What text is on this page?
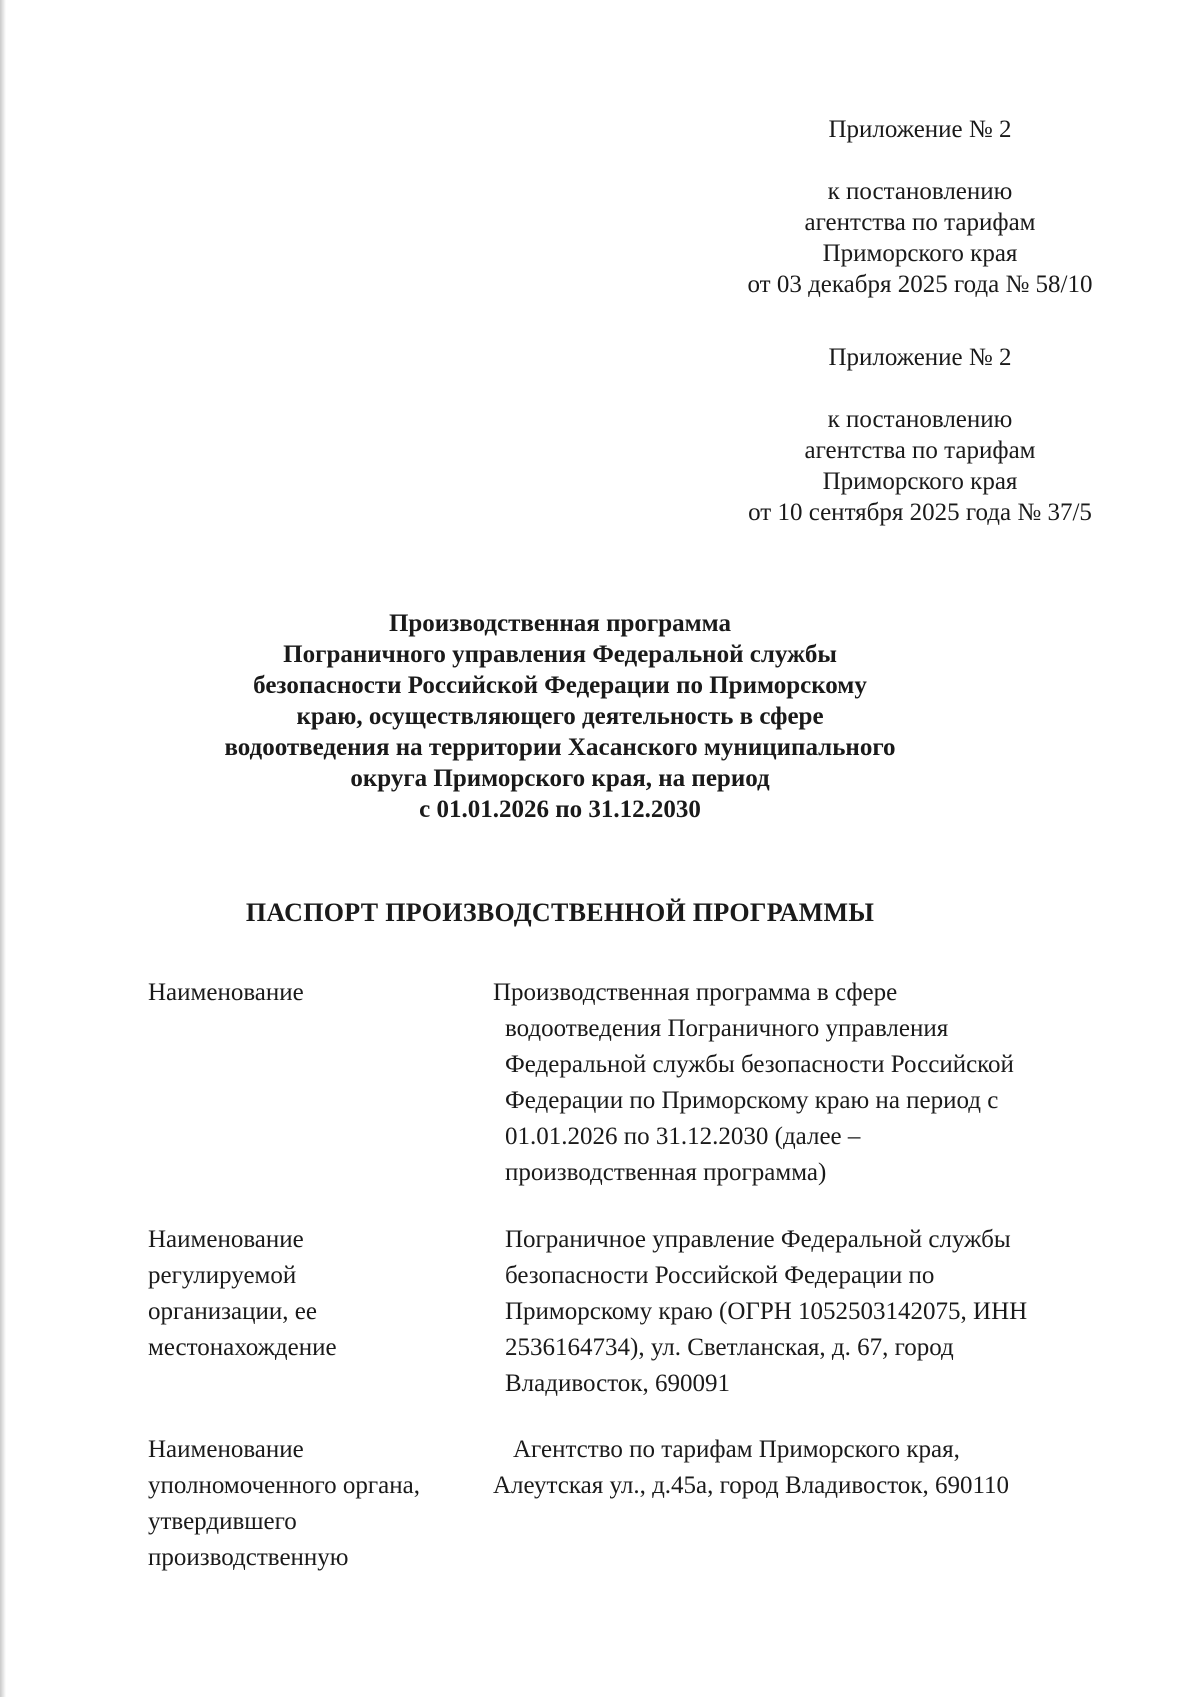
Приложение № 2
к постановлению
агентства по тарифам
Приморского края
от 03 декабря 2025 года № 58/10
Приложение № 2
к постановлению
агентства по тарифам
Приморского края
от 10 сентября 2025 года № 37/5
Производственная программа
Пограничного управления Федеральной службы
безопасности Российской Федерации по Приморскому
краю, осуществляющего деятельность в сфере
водоотведения на территории Хасанского муниципального
округа Приморского края, на период
с 01.01.2026 по 31.12.2030
ПАСПОРТ ПРОИЗВОДСТВЕННОЙ ПРОГРАММЫ
Наименование	Производственная программа в сфере
водоотведения Пограничного управления
Федеральной службы безопасности Российской
Федерации по Приморскому краю на период с
01.01.2026 по 31.12.2030 (далее –
производственная программа)
Наименование
регулируемой
организации, ее
местонахождение
Пограничное управление Федеральной службы
безопасности Российской Федерации по
Приморскому краю (ОГРН 1052503142075, ИНН
2536164734), ул. Светланская, д. 67, город
Владивосток, 690091
Наименование
уполномоченного органа,
утвердившего
производственную
Агентство по тарифам Приморского края,
Алеутская ул., д.45а, город Владивосток, 690110
